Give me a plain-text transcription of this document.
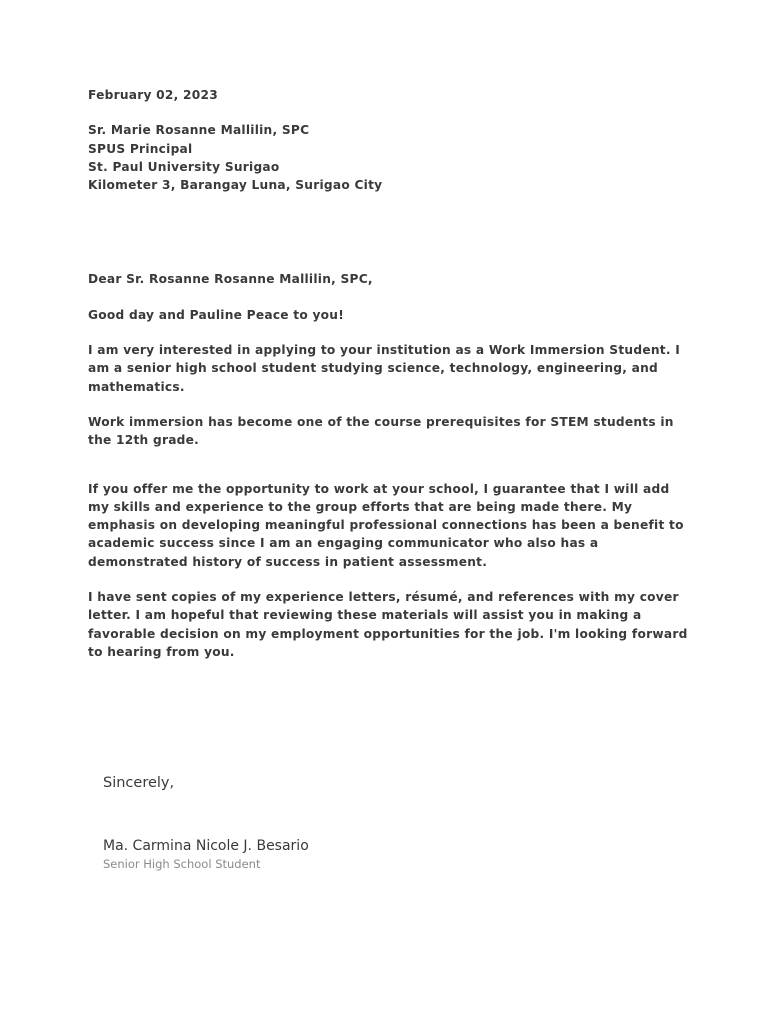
February 02, 2023

Sr. Marie Rosanne Mallilin, SPC

SPUS Principal

St. Paul University Surigao

Kilometer 3, Barangay Luna, Surigao City

Dear Sr. Rosanne Rosanne Mallilin, SPC,

Good day and Pauline Peace to you!

I am very interested in applying to your institution as a Work Immersion Student. I am a senior high school student studying science, technology, engineering, and mathematics.

Work immersion has become one of the course prerequisites for STEM students in the 12th grade.

If you offer me the opportunity to work at your school, I guarantee that I will add my skills and experience to the group efforts that are being made there. My emphasis on developing meaningful professional connections has been a benefit to academic success since I am an engaging communicator who also has a demonstrated history of success in patient assessment.

I have sent copies of my experience letters, résumé, and references with my cover letter. I am hopeful that reviewing these materials will assist you in making a favorable decision on my employment opportunities for the job. I'm looking forward to hearing from you.

Sincerely,

Ma. Carmina Nicole J. Besario

Senior High School Student
